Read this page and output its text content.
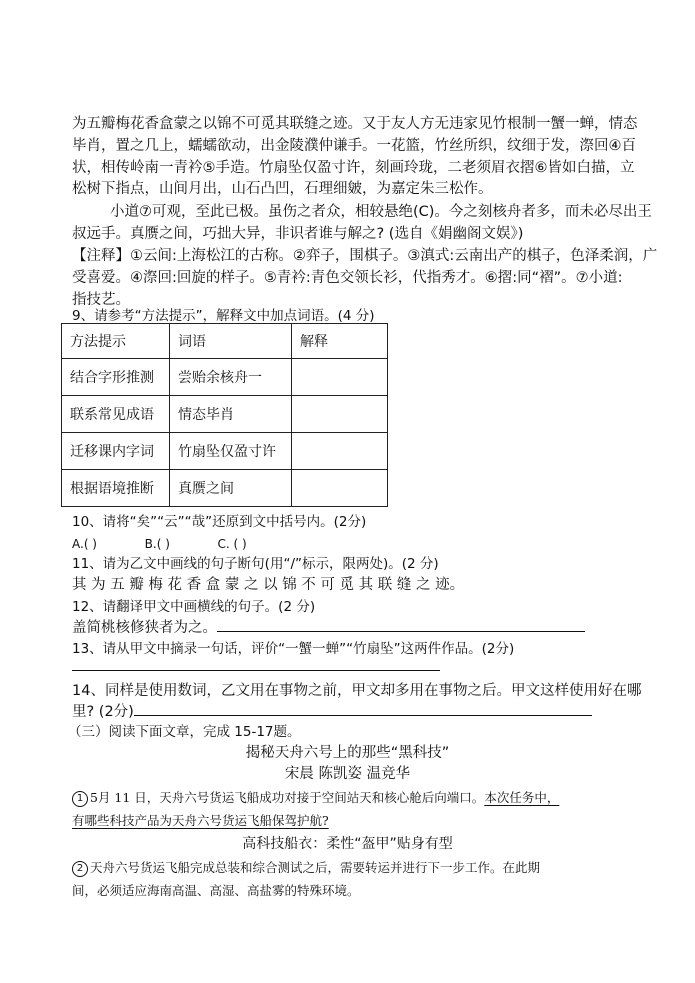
为五瓣梅花香盒蒙之以锦不可觅其联缝之迹。又于友人方无违家见竹根制一蟹一蝉，情态
毕肖，置之几上，蠕蠕欲动，出金陵濮仲谦手。一花篮，竹丝所织，纹细于发，漈回④百
状，相传岭南一青衿⑤手造。竹扇坠仅盈寸许，刻画玲珑，二老须眉衣摺⑥皆如白描，立
松树下指点，山间月出，山石凸凹，石理细皴，为嘉定朱三松作。
小道⑦可观，至此已极。虽伤之者众，相较悬绝(C)。今之刻核舟者多，而未必尽出王
叔远手。真赝之间，巧拙大异，非识者谁与解之? (选自《娟幽阁文娱》)
【注释】①云间:上海松江的古称。②弈子，围棋子。③滇式:云南出产的棋子，色泽柔润，广
受喜爱。④漈回:回旋的样子。⑤青衿:青色交领长衫，代指秀才。⑥摺:同“褶”。⑦小道:
指技艺。
9、请参考“方法提示”，解释文中加点词语。(4 分)
方法提示	词语	解释
结合字形推测	尝贻余核舟一	
联系常见成语	情态毕肖	
迁移课内字词	竹扇坠仅盈寸许	
根据语境推断	真赝之间	
10、请将“矣”“云”“哉”还原到文中括号内。(2分)
A.( )	B.( )	C. ( )
11、请为乙文中画线的句子断句(用“/”标示，限两处)。(2 分)
其 为 五 瓣 梅 花 香 盒 蒙 之 以 锦 不 可 觅 其 联 缝 之 迹。
12、请翻译甲文中画横线的句子。(2 分)
盖简桃核修狭者为之。
13、请从甲文中摘录一句话，评价“一蟹一蝉”“竹扇坠”这两件作品。(2分)
14、同样是使用数词，乙文用在事物之前，甲文却多用在事物之后。甲文这样使用好在哪
里? (2分)
（三）阅读下面文章，完成 15-17题。
揭秘天舟六号上的那些“黑科技”
宋晨 陈凯姿 温竞华
1 5月 11 日，天舟六号货运飞船成功对接于空间站天和核心舱后向端口。本次任务中，
有哪些科技产品为天舟六号货运飞船保驾护航?
高科技船衣：柔性“盔甲”贴身有型
2 天舟六号货运飞船完成总装和综合测试之后，需要转运并进行下一步工作。在此期
间，必须适应海南高温、高湿、高盐雾的特殊环境。
